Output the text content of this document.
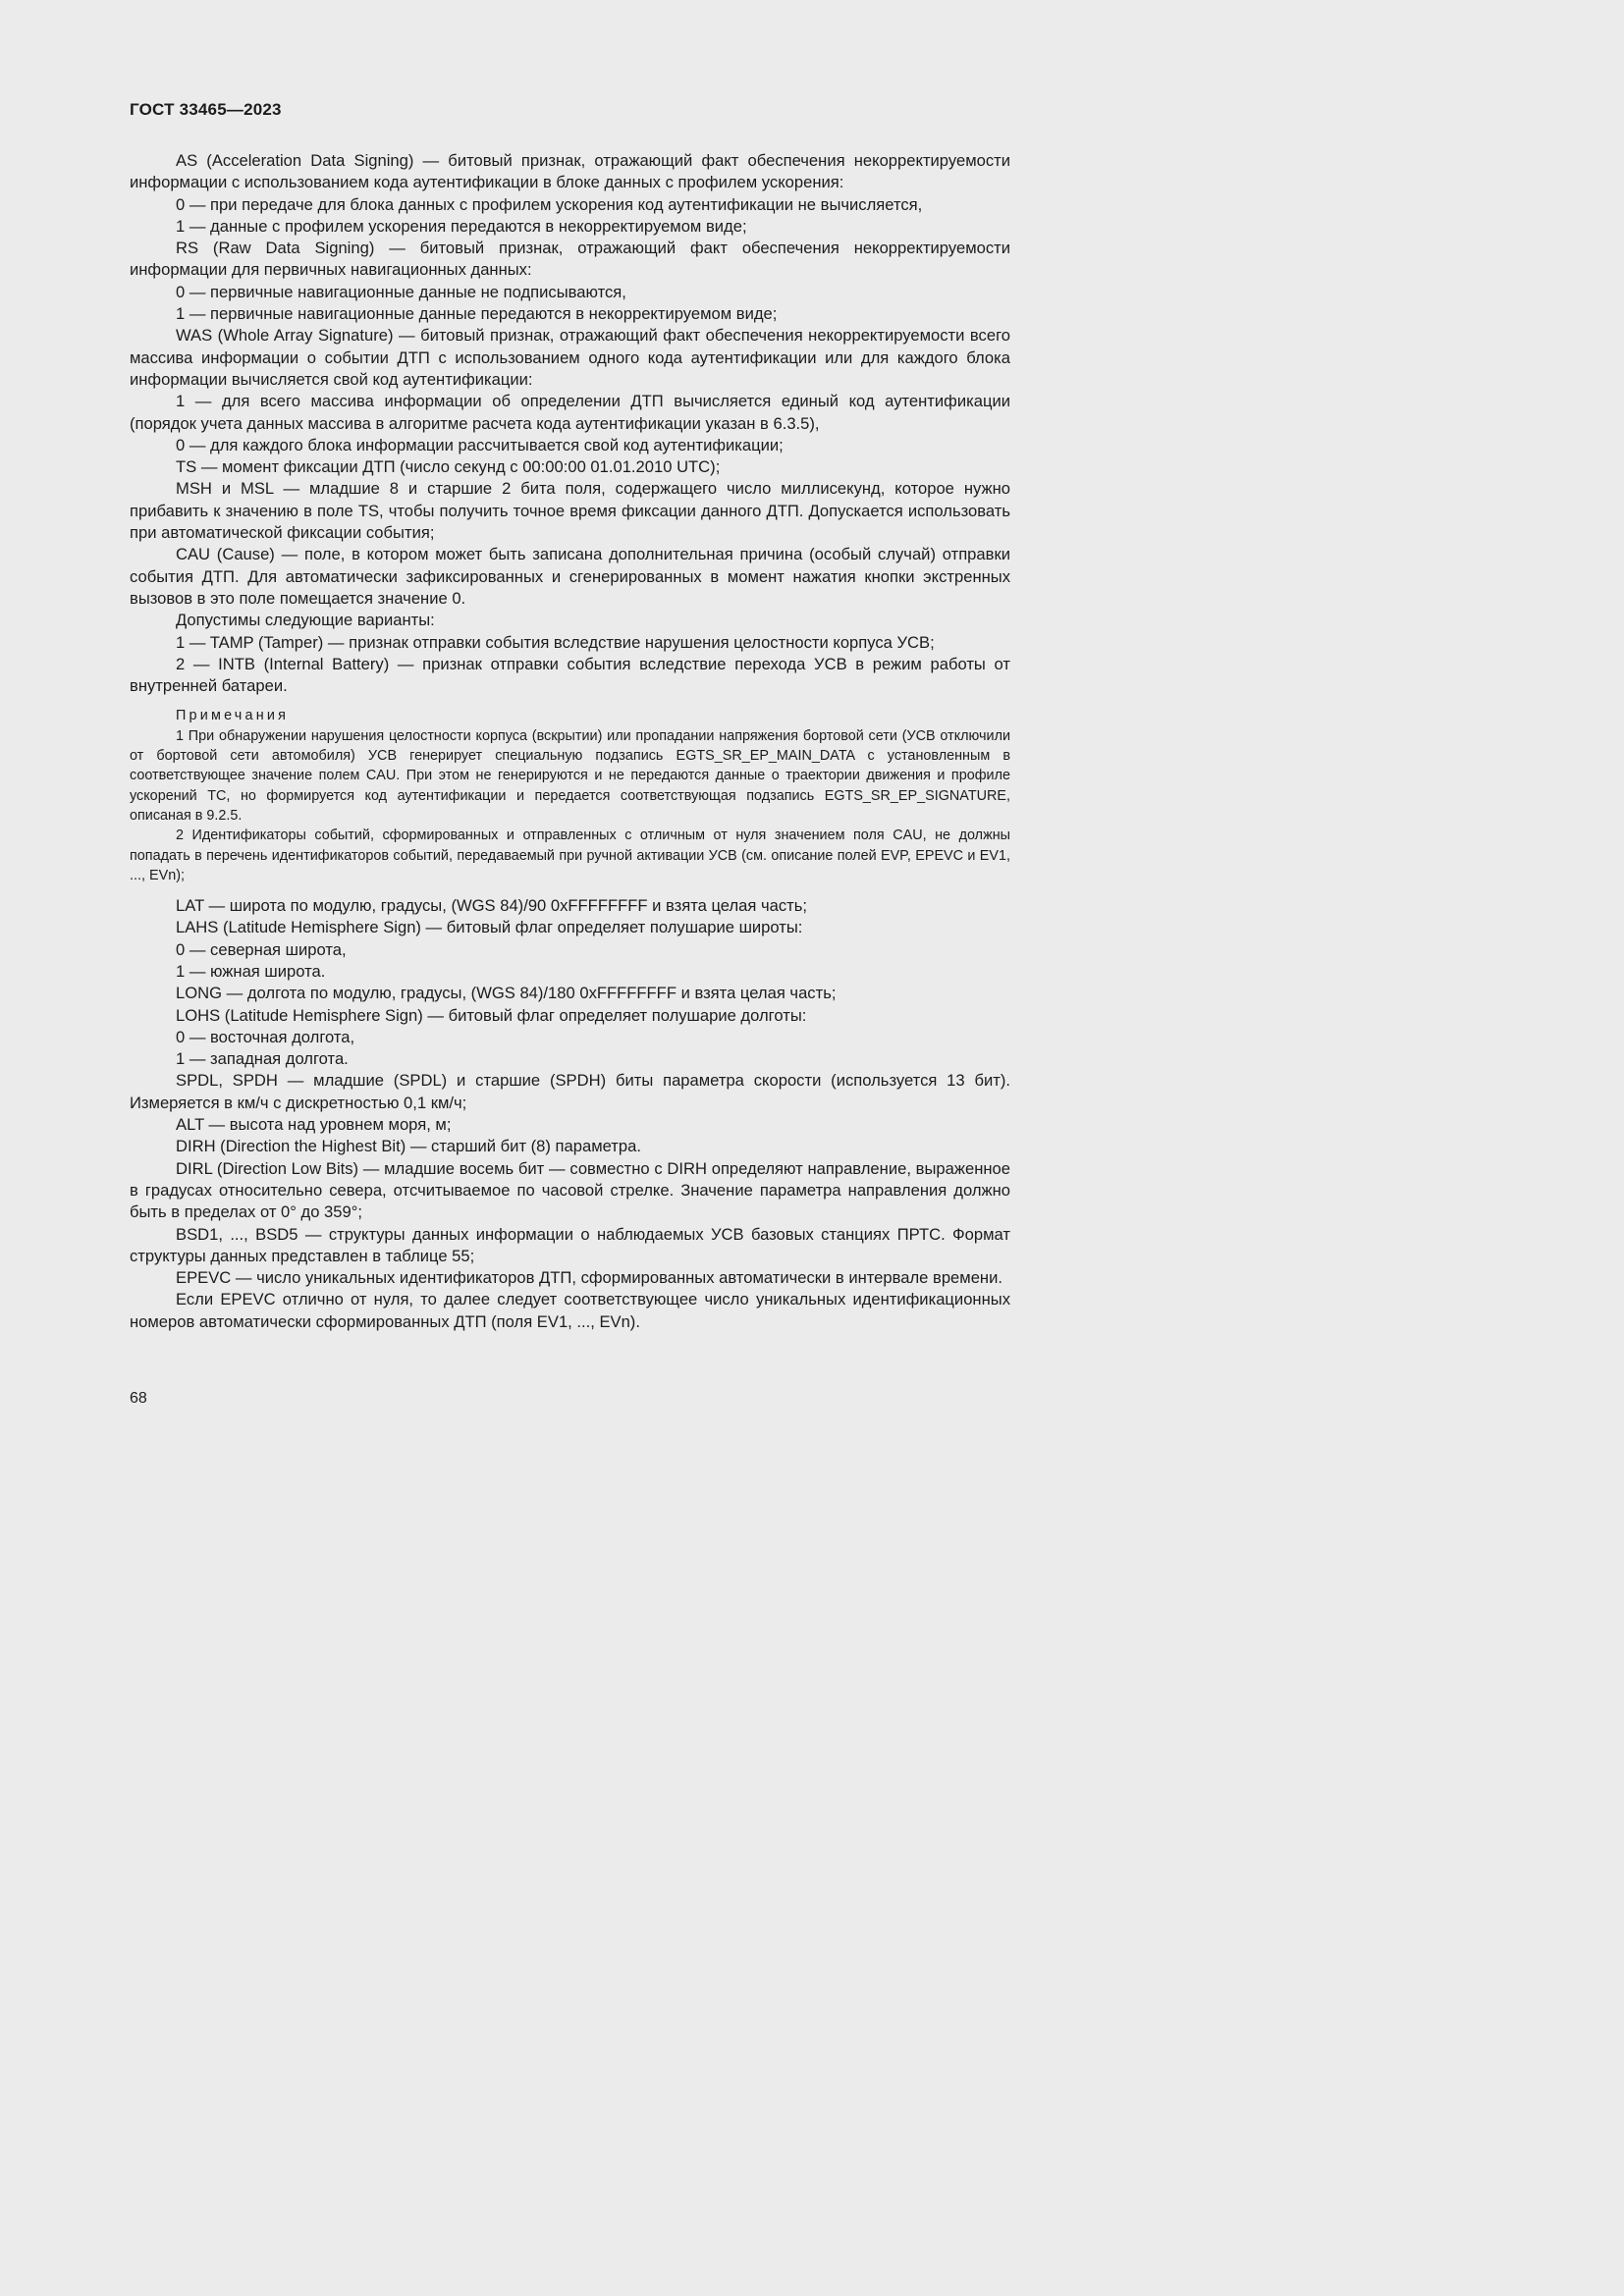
ГОСТ 33465—2023

AS (Acceleration Data Signing) — битовый признак, отражающий факт обеспечения некорректируемости информации с использованием кода аутентификации в блоке данных с профилем ускорения:

0 — при передаче для блока данных с профилем ускорения код аутентификации не вычисляется,

1 — данные с профилем ускорения передаются в некорректируемом виде;

RS (Raw Data Signing) — битовый признак, отражающий факт обеспечения некорректируемости информации для первичных навигационных данных:

0 — первичные навигационные данные не подписываются,

1 — первичные навигационные данные передаются в некорректируемом виде;

WAS (Whole Array Signature) — битовый признак, отражающий факт обеспечения некорректируемости всего массива информации о событии ДТП с использованием одного кода аутентификации или для каждого блока информации вычисляется свой код аутентификации:

1 — для всего массива информации об определении ДТП вычисляется единый код аутентификации (порядок учета данных массива в алгоритме расчета кода аутентификации указан в 6.3.5),

0 — для каждого блока информации рассчитывается свой код аутентификации;

TS — момент фиксации ДТП (число секунд с 00:00:00 01.01.2010 UTC);

MSH и MSL — младшие 8 и старшие 2 бита поля, содержащего число миллисекунд, которое нужно прибавить к значению в поле TS, чтобы получить точное время фиксации данного ДТП. Допускается использовать при автоматической фиксации события;

CAU (Cause) — поле, в котором может быть записана дополнительная причина (особый случай) отправки события ДТП. Для автоматически зафиксированных и сгенерированных в момент нажатия кнопки экстренных вызовов в это поле помещается значение 0.

Допустимы следующие варианты:

1 — TAMP (Tamper) — признак отправки события вследствие нарушения целостности корпуса УСВ;

2 — INTB (Internal Battery) — признак отправки события вследствие перехода УСВ в режим работы от внутренней батареи.

Примечания

1 При обнаружении нарушения целостности корпуса (вскрытии) или пропадании напряжения бортовой сети (УСВ отключили от бортовой сети автомобиля) УСВ генерирует специальную подзапись EGTS_SR_EP_MAIN_DATA с установленным в соответствующее значение полем CAU. При этом не генерируются и не передаются данные о траектории движения и профиле ускорений ТС, но формируется код аутентификации и передается соответствующая подзапись EGTS_SR_EP_SIGNATURE, описаная в 9.2.5.

2 Идентификаторы событий, сформированных и отправленных с отличным от нуля значением поля CAU, не должны попадать в перечень идентификаторов событий, передаваемый при ручной активации УСВ (см. описание полей EVP, EPEVC и EV1, ..., EVn);

LAT — широта по модулю, градусы, (WGS 84)/90 0xFFFFFFFF и взята целая часть;

LAHS (Latitude Hemisphere Sign) — битовый флаг определяет полушарие широты:

0 — северная широта,

1 — южная широта.

LONG — долгота по модулю, градусы, (WGS 84)/180 0xFFFFFFFF и взята целая часть;

LOHS (Latitude Hemisphere Sign) — битовый флаг определяет полушарие долготы:

0 — восточная долгота,

1 — западная долгота.

SPDL, SPDH — младшие (SPDL) и старшие (SPDH) биты параметра скорости (используется 13 бит). Измеряется в км/ч с дискретностью 0,1 км/ч;

ALT — высота над уровнем моря, м;

DIRH (Direction the Highest Bit) — старший бит (8) параметра.

DIRL (Direction Low Bits) — младшие восемь бит — совместно с DIRH определяют направление, выраженное в градусах относительно севера, отсчитываемое по часовой стрелке. Значение параметра направления должно быть в пределах от 0° до 359°;

BSD1, ..., BSD5 — структуры данных информации о наблюдаемых УСВ базовых станциях ПРТС. Формат структуры данных представлен в таблице 55;

EPEVC — число уникальных идентификаторов ДТП, сформированных автоматически в интервале времени.

Если EPEVC отлично от нуля, то далее следует соответствующее число уникальных идентификационных номеров автоматически сформированных ДТП (поля EV1, ..., EVn).

68
